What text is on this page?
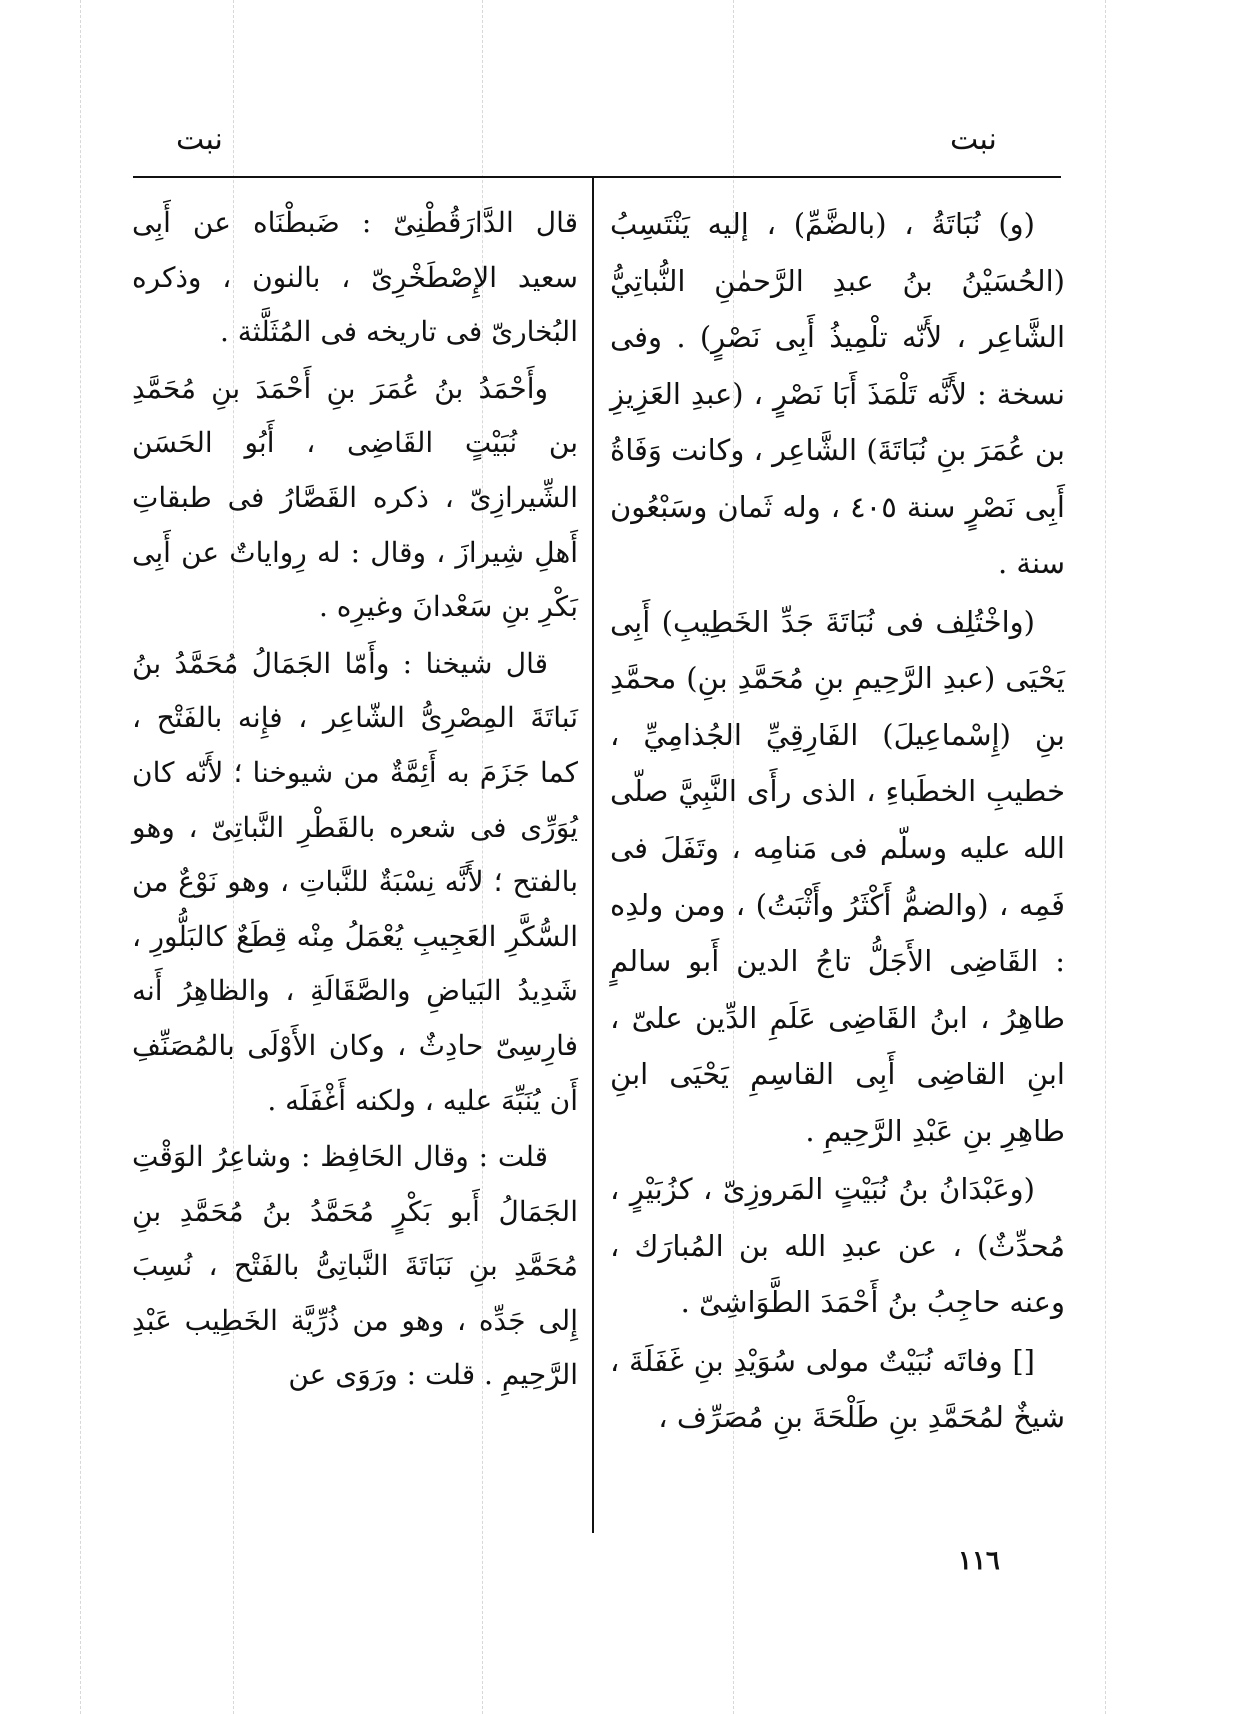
نبت
نبت

(و) نُبَاتَةُ ، (بالضَّمِّ) ، إليه يَنْتَسِبُ (الحُسَيْنُ بنُ عبدِ الرَّحمٰنِ النُّباتِيُّ الشَّاعِر ، لأَنّه تلْمِيذُ أَبِى نَصْرٍ) . وفى نسخة : لأَنَّه تَلْمَذَ أَبَا نَصْرٍ ، (عبدِ العَزِيزِ بن عُمَرَ بنِ نُبَاتَةَ) الشَّاعِر ، وكانت وَفَاةُ أَبِى نَصْرٍ سنة ٤٠٥ ، وله ثَمان وسَبْعُون سنة .

(واخْتُلِف فى نُبَاتَةَ جَدِّ الخَطِيبِ) أَبِى يَحْيَى (عبدِ الرَّحِيمِ بنِ مُحَمَّدِ بنِ) محمَّدِ بنِ (إِسْماعِيلَ) الفَارِقِيِّ الجُذامِيِّ ، خطيبِ الخطَباءِ ، الذى رأَى النَّبِيَّ صلّى الله عليه وسلّم فى مَنامِه ، وتَفَلَ فى فَمِه ، (والضمُّ أَكْثَرُ وأَثْبَتُ) ، ومن ولدِه : القَاضِى الأَجَلُّ تاجُ الدين أَبو سالمٍ طاهِرُ ، ابنُ القَاضِى عَلَمِ الدِّين علىّ ، ابنِ القاضِى أَبِى القاسِمِ يَحْيَى ابنِ طاهِرِ بنِ عَبْدِ الرَّحِيمِ .

(وعَبْدَانُ بنُ نُبَيْتٍ المَروزِىّ ، كزُبَيْرٍ ، مُحدِّثٌ) ، عن عبدِ الله بن المُبارَك ، وعنه حاجِبُ بنُ أَحْمَدَ الطَّوَاشِىّ .

[] وفاتَه نُبَيْتٌ مولى سُوَيْدِ بنِ غَفَلَةَ ، شيخٌ لمُحَمَّدِ بنِ طَلْحَةَ بنِ مُصَرِّف ،

قال الدَّارَقُطْنِىّ : ضَبطْنَاه عن أَبِى سعيد الإِصْطَخْرِىّ ، بالنون ، وذكره البُخارىّ فى تاريخه فى المُثَلَّثة .

وأَحْمَدُ بنُ عُمَرَ بنِ أَحْمَدَ بنِ مُحَمَّدِ بن نُبَيْتٍ القَاضِى ، أَبُو الحَسَن الشِّيرازِىّ ، ذكره القَصَّارُ فى طبقاتِ أَهلِ شِيرازَ ، وقال : له رِواياتٌ عن أَبِى بَكْرِ بنِ سَعْدانَ وغيرِه .

قال شيخنا : وأَمّا الجَمَالُ مُحَمَّدُ بنُ نَباتَةَ المِصْرِىُّ الشّاعِر ، فإِنه بالفَتْح ، كما جَزَمَ به أَئِمَّةٌ من شيوخنا ؛ لأَنّه كان يُوَرِّى فى شعره بالقَطْرِ النَّباتِىّ ، وهو بالفتح ؛ لأَنَّه نِسْبَةٌ للنَّباتِ ، وهو نَوْعٌ من السُّكَّرِ العَجِيبِ يُعْمَلُ مِنْه قِطَعٌ كالبَلُّورِ ، شَدِيدُ البَياضِ والصَّقَالَةِ ، والظاهِرُ أَنه فارِسِىّ حادِثٌ ، وكان الأَوْلَى بالمُصَنِّفِ أَن يُنَبِّهَ عليه ، ولكنه أَغْفَلَه .

قلت : وقال الحَافِظ : وشاعِرُ الوَقْتِ الجَمَالُ أَبو بَكْرٍ مُحَمَّدُ بنُ مُحَمَّدِ بنِ مُحَمَّدِ بنِ نَبَاتَةَ النَّباتِىُّ بالفَتْح ، نُسِبَ إِلى جَدِّه ، وهو من ذُرِّيَّة الخَطِيب عَبْدِ الرَّحِيمِ . قلت : ورَوَى عن

١١٦
